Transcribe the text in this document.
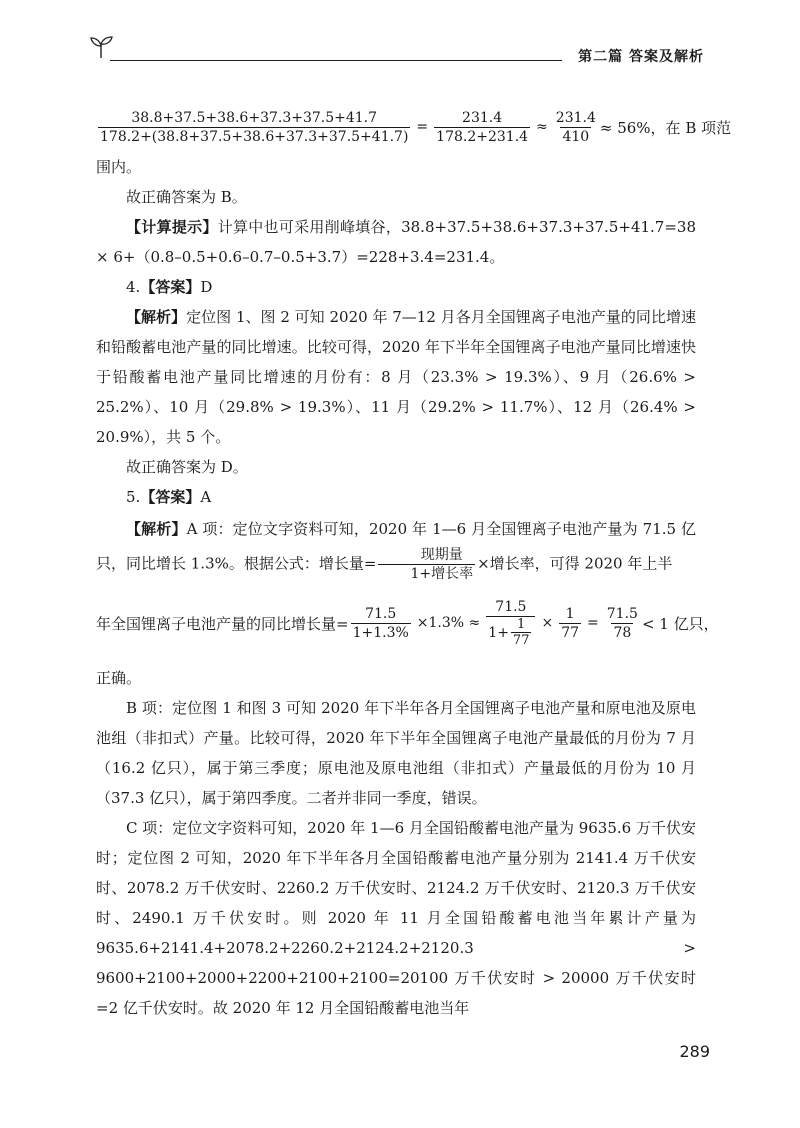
第二篇 答案及解析
$\frac{38.8+37.5+38.6+37.3+37.5+41.7}{178.2+(38.8+37.5+38.6+37.3+37.5+41.7)} = \frac{231.4}{178.2+231.4} \approx \frac{231.4}{410} \approx 56\%$，在 B 项范

围内。

故正确答案为 B。

【计算提示】计算中也可采用削峰填谷，38.8+37.5+38.6+37.3+37.5+41.7=38 × 6+（0.8–0.5+0.6–0.7–0.5+3.7）=228+3.4=231.4。

4.【答案】D

【解析】定位图 1、图 2 可知 2020 年 7—12 月各月全国锂离子电池产量的同比增速和铅酸蓄电池产量的同比增速。比较可得，2020 年下半年全国锂离子电池产量同比增速快于铅酸蓄电池产量同比增速的月份有：8 月（23.3% > 19.3%）、9 月（26.6% > 25.2%）、10 月（29.8% > 19.3%）、11 月（29.2% > 11.7%）、12 月（26.4% > 20.9%），共 5 个。

故正确答案为 D。

5.【答案】A

【解析】A 项：定位文字资料可知，2020 年 1—6 月全国锂离子电池产量为 71.5 亿只，同比增长 1.3%。根据公式：增长量= $\frac{\text{现期量}}{\text{1+增长率}}$ ×增长率，可得 2020 年上半

年全国锂离子电池产量的同比增长量= $\frac{71.5}{1+1.3\%} \times 1.3\% \approx \frac{71.5}{1+ \frac{1}{77}} \times \frac{1}{77} = \frac{71.5}{78} < 1$ 亿只，

正确。

B 项：定位图 1 和图 3 可知 2020 年下半年各月全国锂离子电池产量和原电池及原电池组（非扣式）产量。比较可得，2020 年下半年全国锂离子电池产量最低的月份为 7 月（16.2 亿只），属于第三季度；原电池及原电池组（非扣式）产量最低的月份为 10 月（37.3 亿只），属于第四季度。二者并非同一季度，错误。

C 项：定位文字资料可知，2020 年 1—6 月全国铅酸蓄电池产量为 9635.6 万千伏安时；定位图 2 可知，2020 年下半年各月全国铅酸蓄电池产量分别为 2141.4 万千伏安时、2078.2 万千伏安时、2260.2 万千伏安时、2124.2 万千伏安时、2120.3 万千伏安时、2490.1 万千伏安时。则 2020 年 11 月全国铅酸蓄电池当年累计产量为 9635.6+2141.4+2078.2+2260.2+2124.2+2120.3 > 9600+2100+2000+2200+2100+2100=20100 万千伏安时 > 20000 万千伏安时 =2 亿千伏安时。故 2020 年 12 月全国铅酸蓄电池当年

289
